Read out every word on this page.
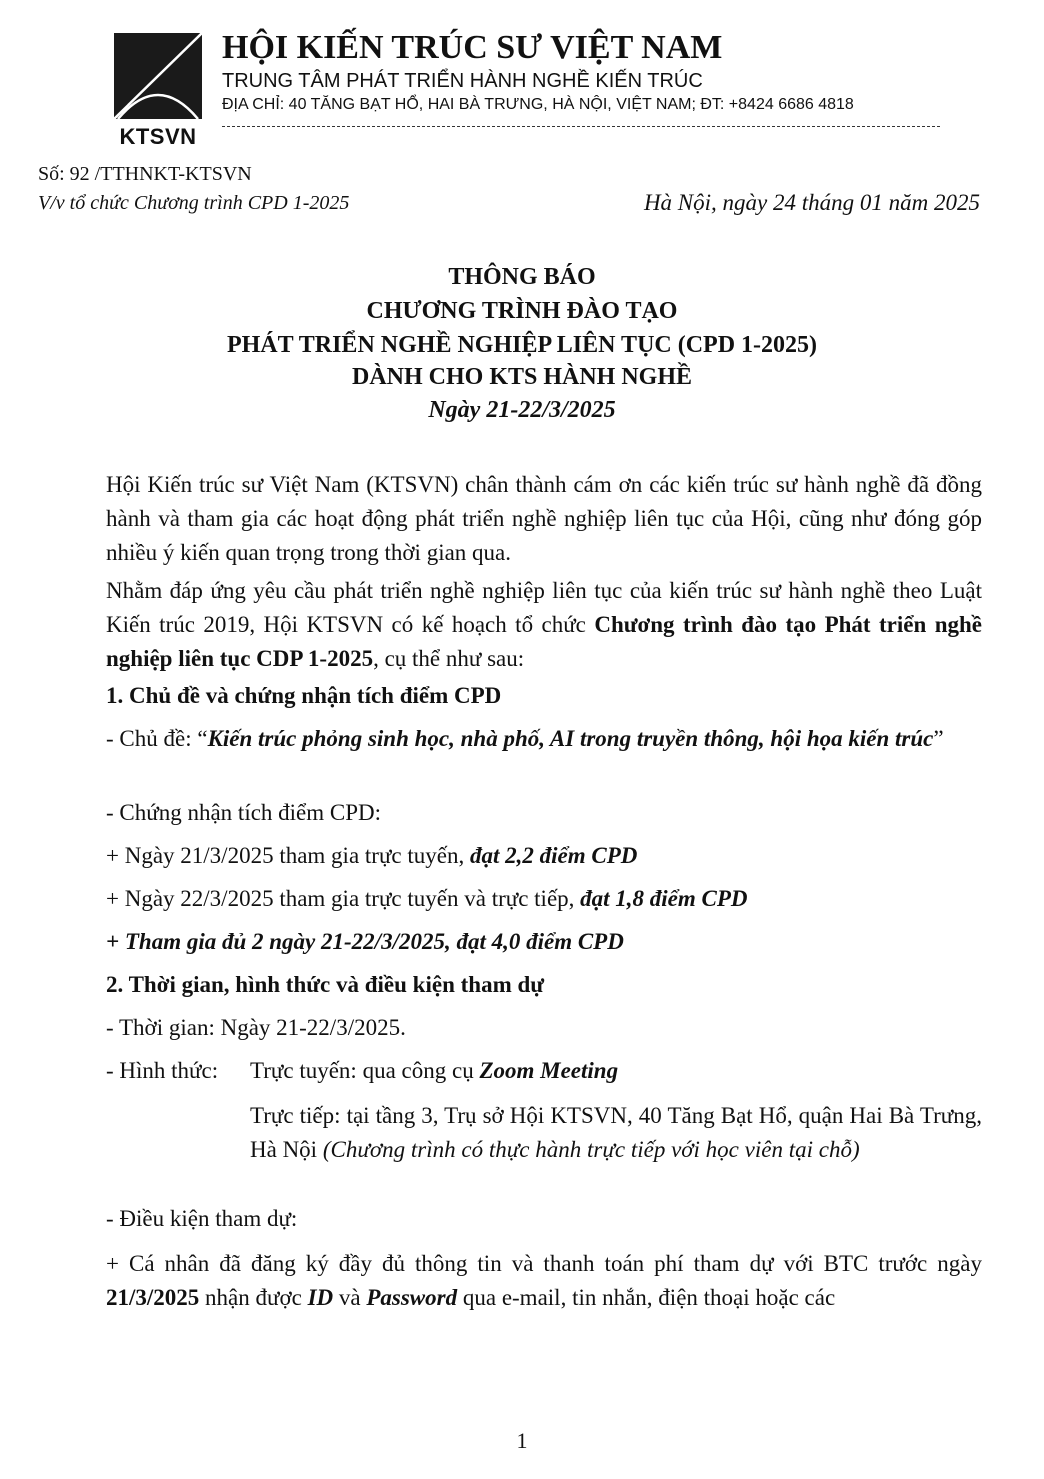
KTSVN
HỘI KIẾN TRÚC SƯ VIỆT NAM
TRUNG TÂM PHÁT TRIỂN HÀNH NGHỀ KIẾN TRÚC
ĐỊA CHỈ: 40 TĂNG BẠT HỔ, HAI BÀ TRƯNG, HÀ NỘI, VIỆT NAM; ĐT: +8424 6686 4818
Số: 92 /TTHNKT-KTSVN
V/v tổ chức Chương trình CPD 1-2025	Hà Nội, ngày 24 tháng 01 năm 2025
THÔNG BÁO
CHƯƠNG TRÌNH ĐÀO TẠO
PHÁT TRIỂN NGHỀ NGHIỆP LIÊN TỤC (CPD 1-2025)
DÀNH CHO KTS HÀNH NGHỀ
Ngày 21-22/3/2025
Hội Kiến trúc sư Việt Nam (KTSVN) chân thành cám ơn các kiến trúc sư hành nghề đã đồng hành và tham gia các hoạt động phát triển nghề nghiệp liên tục của Hội, cũng như đóng góp nhiều ý kiến quan trọng trong thời gian qua.
Nhằm đáp ứng yêu cầu phát triển nghề nghiệp liên tục của kiến trúc sư hành nghề theo Luật Kiến trúc 2019, Hội KTSVN có kế hoạch tổ chức Chương trình đào tạo Phát triển nghề nghiệp liên tục CDP 1-2025, cụ thể như sau:
1. Chủ đề và chứng nhận tích điểm CPD
- Chủ đề: “Kiến trúc phỏng sinh học, nhà phố, AI trong truyền thông, hội họa kiến trúc”
- Chứng nhận tích điểm CPD:
+ Ngày 21/3/2025 tham gia trực tuyến, đạt 2,2 điểm CPD
+ Ngày 22/3/2025 tham gia trực tuyến và trực tiếp, đạt 1,8 điểm CPD
+ Tham gia đủ 2 ngày 21-22/3/2025, đạt 4,0 điểm CPD
2. Thời gian, hình thức và điều kiện tham dự
- Thời gian: Ngày 21-22/3/2025.
- Hình thức: Trực tuyến: qua công cụ Zoom Meeting
Trực tiếp: tại tầng 3, Trụ sở Hội KTSVN, 40 Tăng Bạt Hổ, quận Hai Bà Trưng, Hà Nội (Chương trình có thực hành trực tiếp với học viên tại chỗ)
- Điều kiện tham dự:
+ Cá nhân đã đăng ký đầy đủ thông tin và thanh toán phí tham dự với BTC trước ngày 21/3/2025 nhận được ID và Password qua e-mail, tin nhắn, điện thoại hoặc các
1
